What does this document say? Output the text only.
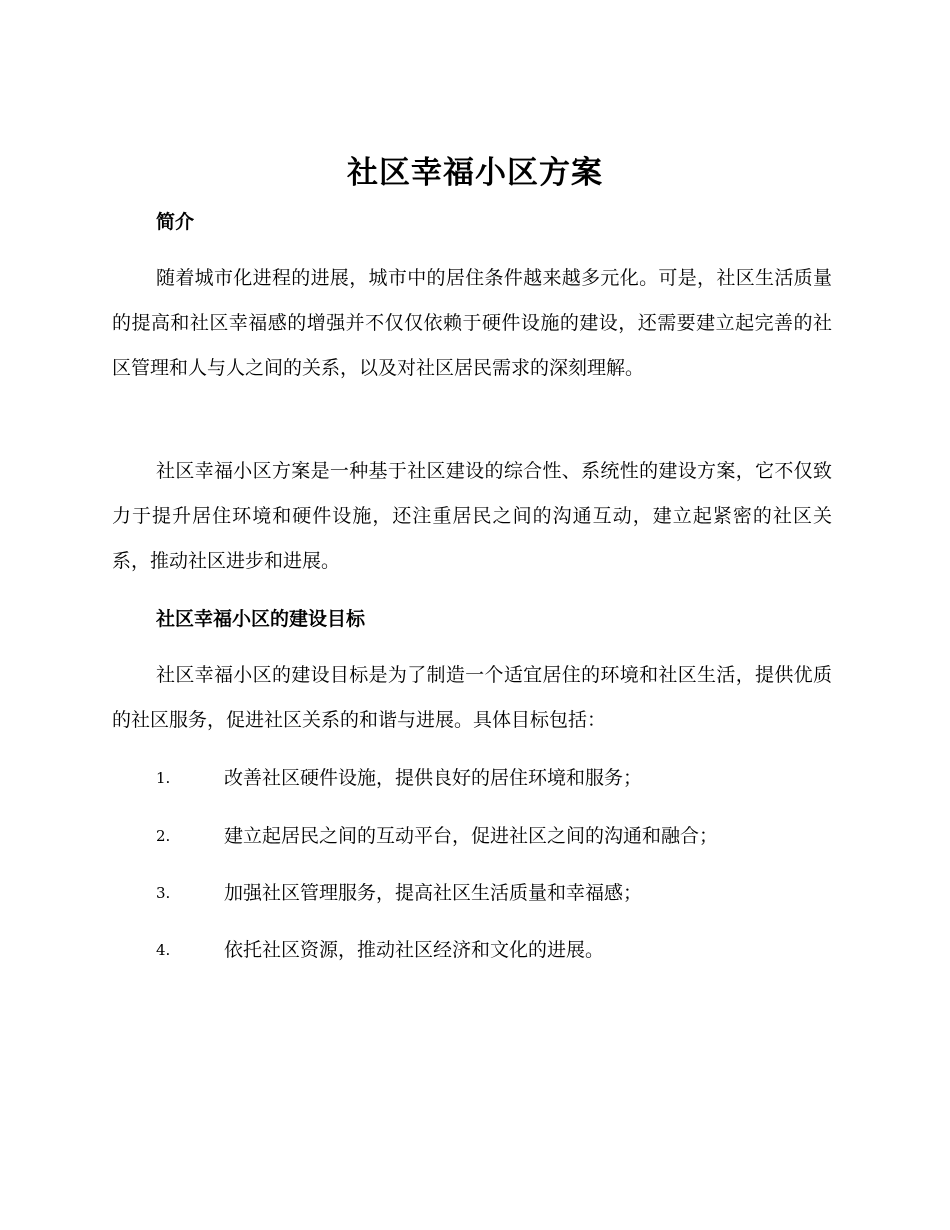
社区幸福小区方案
简介
随着城市化进程的进展，城市中的居住条件越来越多元化。可是，社区生活质量的提高和社区幸福感的增强并不仅仅依赖于硬件设施的建设，还需要建立起完善的社区管理和人与人之间的关系，以及对社区居民需求的深刻理解。
社区幸福小区方案是一种基于社区建设的综合性、系统性的建设方案，它不仅致力于提升居住环境和硬件设施，还注重居民之间的沟通互动，建立起紧密的社区关系，推动社区进步和进展。
社区幸福小区的建设目标
社区幸福小区的建设目标是为了制造一个适宜居住的环境和社区生活，提供优质的社区服务，促进社区关系的和谐与进展。具体目标包括：
1.	改善社区硬件设施，提供良好的居住环境和服务；
2.	建立起居民之间的互动平台，促进社区之间的沟通和融合；
3.	加强社区管理服务，提高社区生活质量和幸福感；
4.	依托社区资源，推动社区经济和文化的进展。
